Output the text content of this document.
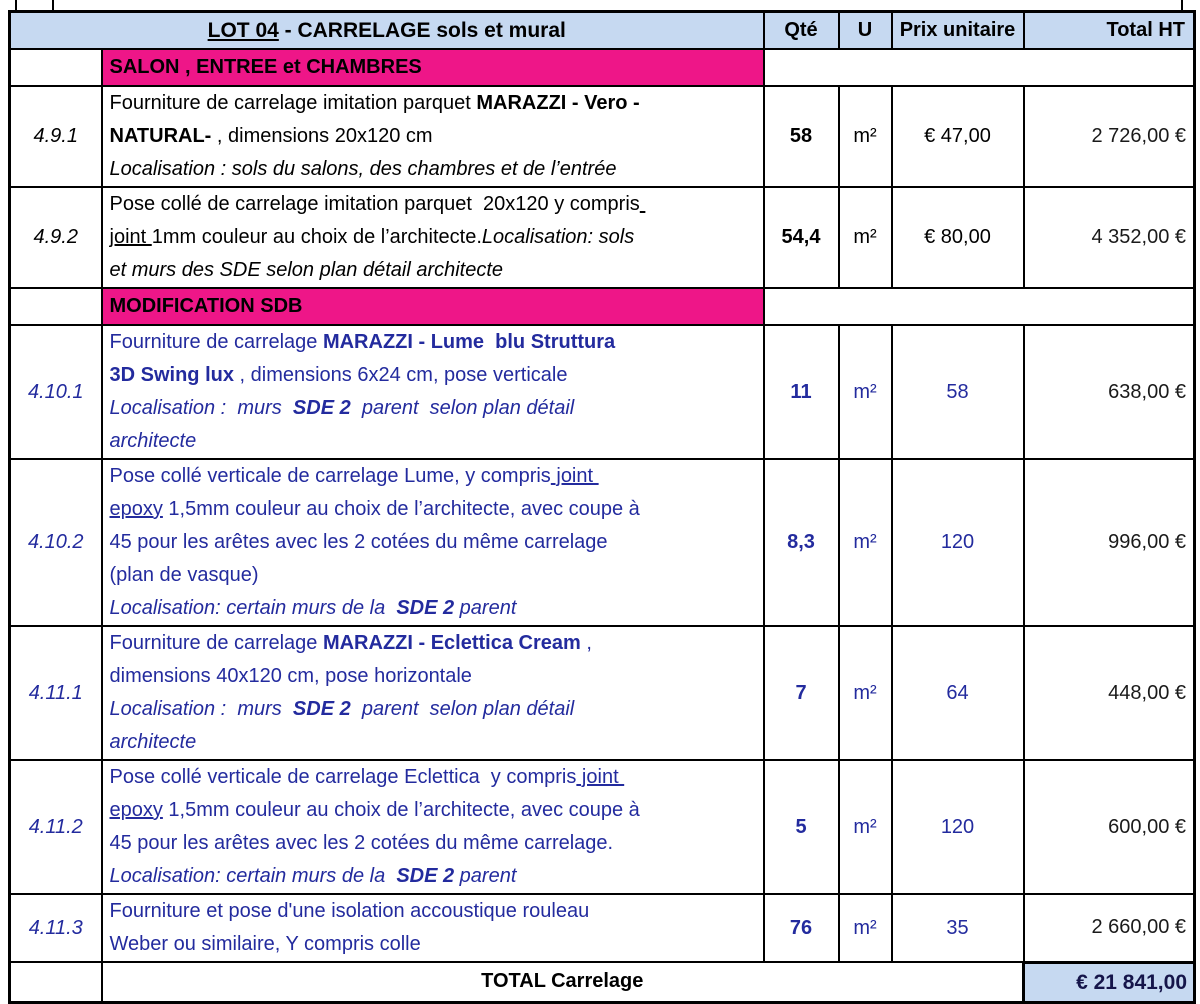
LOT 04 - CARRELAGE sols et mural		Qté	U	Prix unitaire	Total HT
	SALON , ENTREE et CHAMBRES				
4.9.1	Fourniture de carrelage imitation parquet MARAZZI - Vero -
NATURAL- , dimensions 20x120 cm
Localisation : sols du salons, des chambres et de l’entrée	58	m²	€ 47,00	2 726,00 €
4.9.2	Pose collé de carrelage imitation parquet  20x120 y compris
joint 1mm couleur au choix de l’architecte.Localisation: sols
et murs des SDE selon plan détail architecte	54,4	m²	€ 80,00	4 352,00 €
	MODIFICATION SDB				
4.10.1	Fourniture de carrelage MARAZZI - Lume  blu Struttura
3D Swing lux , dimensions 6x24 cm, pose verticale
Localisation :  murs  SDE 2  parent  selon plan détail
architecte	11	m²	58	638,00 €
4.10.2	Pose collé verticale de carrelage Lume, y compris joint
epoxy 1,5mm couleur au choix de l’architecte, avec coupe à
45 pour les arêtes avec les 2 cotées du même carrelage
(plan de vasque)
Localisation: certain murs de la  SDE 2 parent	8,3	m²	120	996,00 €
4.11.1	Fourniture de carrelage MARAZZI - Eclettica Cream ,
dimensions 40x120 cm, pose horizontale
Localisation :  murs  SDE 2  parent  selon plan détail
architecte	7	m²	64	448,00 €
4.11.2	Pose collé verticale de carrelage Eclettica  y compris joint
epoxy 1,5mm couleur au choix de l’architecte, avec coupe à
45 pour les arêtes avec les 2 cotées du même carrelage.
Localisation: certain murs de la  SDE 2 parent	5	m²	120	600,00 €
4.11.3	Fourniture et pose d'une isolation accoustique rouleau
Weber ou similaire, Y compris colle	76	m²	35	2 660,00 €
	TOTAL Carrelage				€ 21 841,00
